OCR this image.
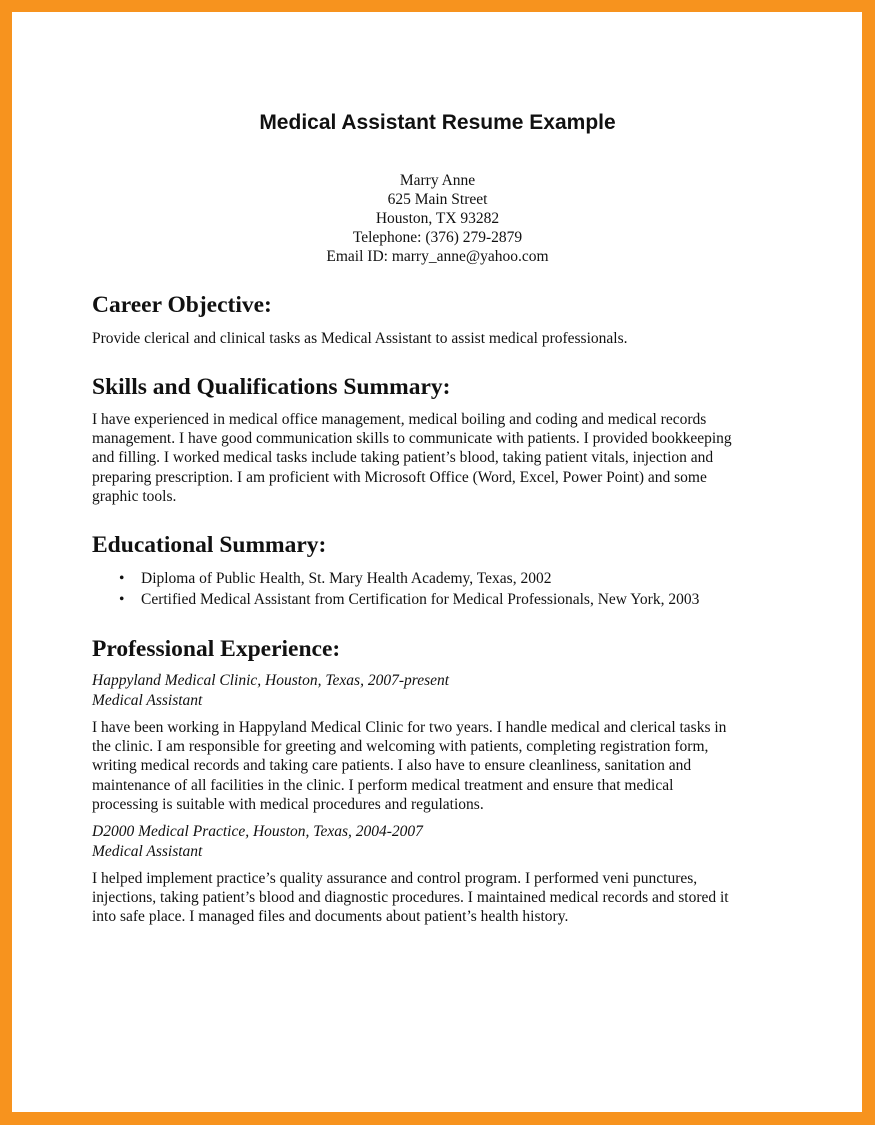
Medical Assistant Resume Example
Marry Anne
625 Main Street
Houston, TX 93282
Telephone: (376) 279-2879
Email ID: marry_anne@yahoo.com
Career Objective:
Provide clerical and clinical tasks as Medical Assistant to assist medical professionals.
Skills and Qualifications Summary:
I have experienced in medical office management, medical boiling and coding and medical records
management. I have good communication skills to communicate with patients. I provided bookkeeping
and filling. I worked medical tasks include taking patient’s blood, taking patient vitals, injection and
preparing prescription. I am proficient with Microsoft Office (Word, Excel, Power Point) and some
graphic tools.
Educational Summary:
• Diploma of Public Health, St. Mary Health Academy, Texas, 2002
• Certified Medical Assistant from Certification for Medical Professionals, New York, 2003
Professional Experience:
Happyland Medical Clinic, Houston, Texas, 2007-present
Medical Assistant
I have been working in Happyland Medical Clinic for two years. I handle medical and clerical tasks in
the clinic. I am responsible for greeting and welcoming with patients, completing registration form,
writing medical records and taking care patients. I also have to ensure cleanliness, sanitation and
maintenance of all facilities in the clinic. I perform medical treatment and ensure that medical
processing is suitable with medical procedures and regulations.
D2000 Medical Practice, Houston, Texas, 2004-2007
Medical Assistant
I helped implement practice’s quality assurance and control program. I performed veni punctures,
injections, taking patient’s blood and diagnostic procedures. I maintained medical records and stored it
into safe place. I managed files and documents about patient’s health history.
